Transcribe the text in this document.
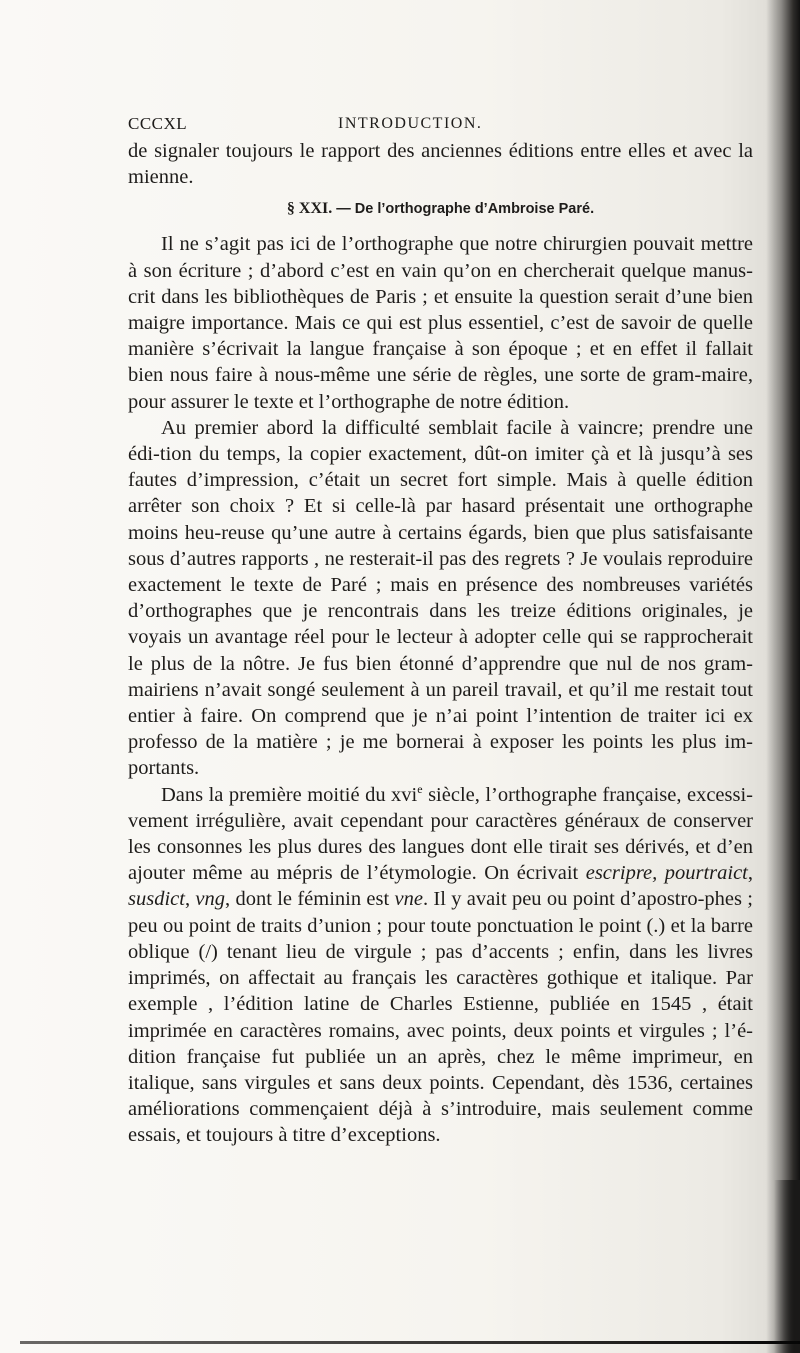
CCCXL	INTRODUCTION.

de signaler toujours le rapport des anciennes éditions entre elles et avec la mienne.

§ XXI. — De l’orthographe d’Ambroise Paré.

Il ne s’agit pas ici de l’orthographe que notre chirurgien pouvait mettre à son écriture ; d’abord c’est en vain qu’on en chercherait quelque manus-crit dans les bibliothèques de Paris ; et ensuite la question serait d’une bien maigre importance. Mais ce qui est plus essentiel, c’est de savoir de quelle manière s’écrivait la langue française à son époque ; et en effet il fallait bien nous faire à nous-même une série de règles, une sorte de gram-maire, pour assurer le texte et l’orthographe de notre édition.

Au premier abord la difficulté semblait facile à vaincre; prendre une édi-tion du temps, la copier exactement, dût-on imiter çà et là jusqu’à ses fautes d’impression, c’était un secret fort simple. Mais à quelle édition arrêter son choix ? Et si celle-là par hasard présentait une orthographe moins heu-reuse qu’une autre à certains égards, bien que plus satisfaisante sous d’autres rapports , ne resterait-il pas des regrets ? Je voulais reproduire exactement le texte de Paré ; mais en présence des nombreuses variétés d’orthographes que je rencontrais dans les treize éditions originales, je voyais un avantage réel pour le lecteur à adopter celle qui se rapprocherait le plus de la nôtre. Je fus bien étonné d’apprendre que nul de nos gram-mairiens n’avait songé seulement à un pareil travail, et qu’il me restait tout entier à faire. On comprend que je n’ai point l’intention de traiter ici ex professo de la matière ; je me bornerai à exposer les points les plus im-portants.

Dans la première moitié du xvi$^e$ siècle, l’orthographe française, excessi-vement irrégulière, avait cependant pour caractères généraux de conserver les consonnes les plus dures des langues dont elle tirait ses dérivés, et d’en ajouter même au mépris de l’étymologie. On écrivait escripre, pourtraict, susdict, vng, dont le féminin est vne. Il y avait peu ou point d’apostro-phes ; peu ou point de traits d’union ; pour toute ponctuation le point (.) et la barre oblique (/) tenant lieu de virgule ; pas d’accents ; enfin, dans les livres imprimés, on affectait au français les caractères gothique et italique. Par exemple , l’édition latine de Charles Estienne, publiée en 1545 , était imprimée en caractères romains, avec points, deux points et virgules ; l’é-dition française fut publiée un an après, chez le même imprimeur, en italique, sans virgules et sans deux points. Cependant, dès 1536, certaines améliorations commençaient déjà à s’introduire, mais seulement comme essais, et toujours à titre d’exceptions.
